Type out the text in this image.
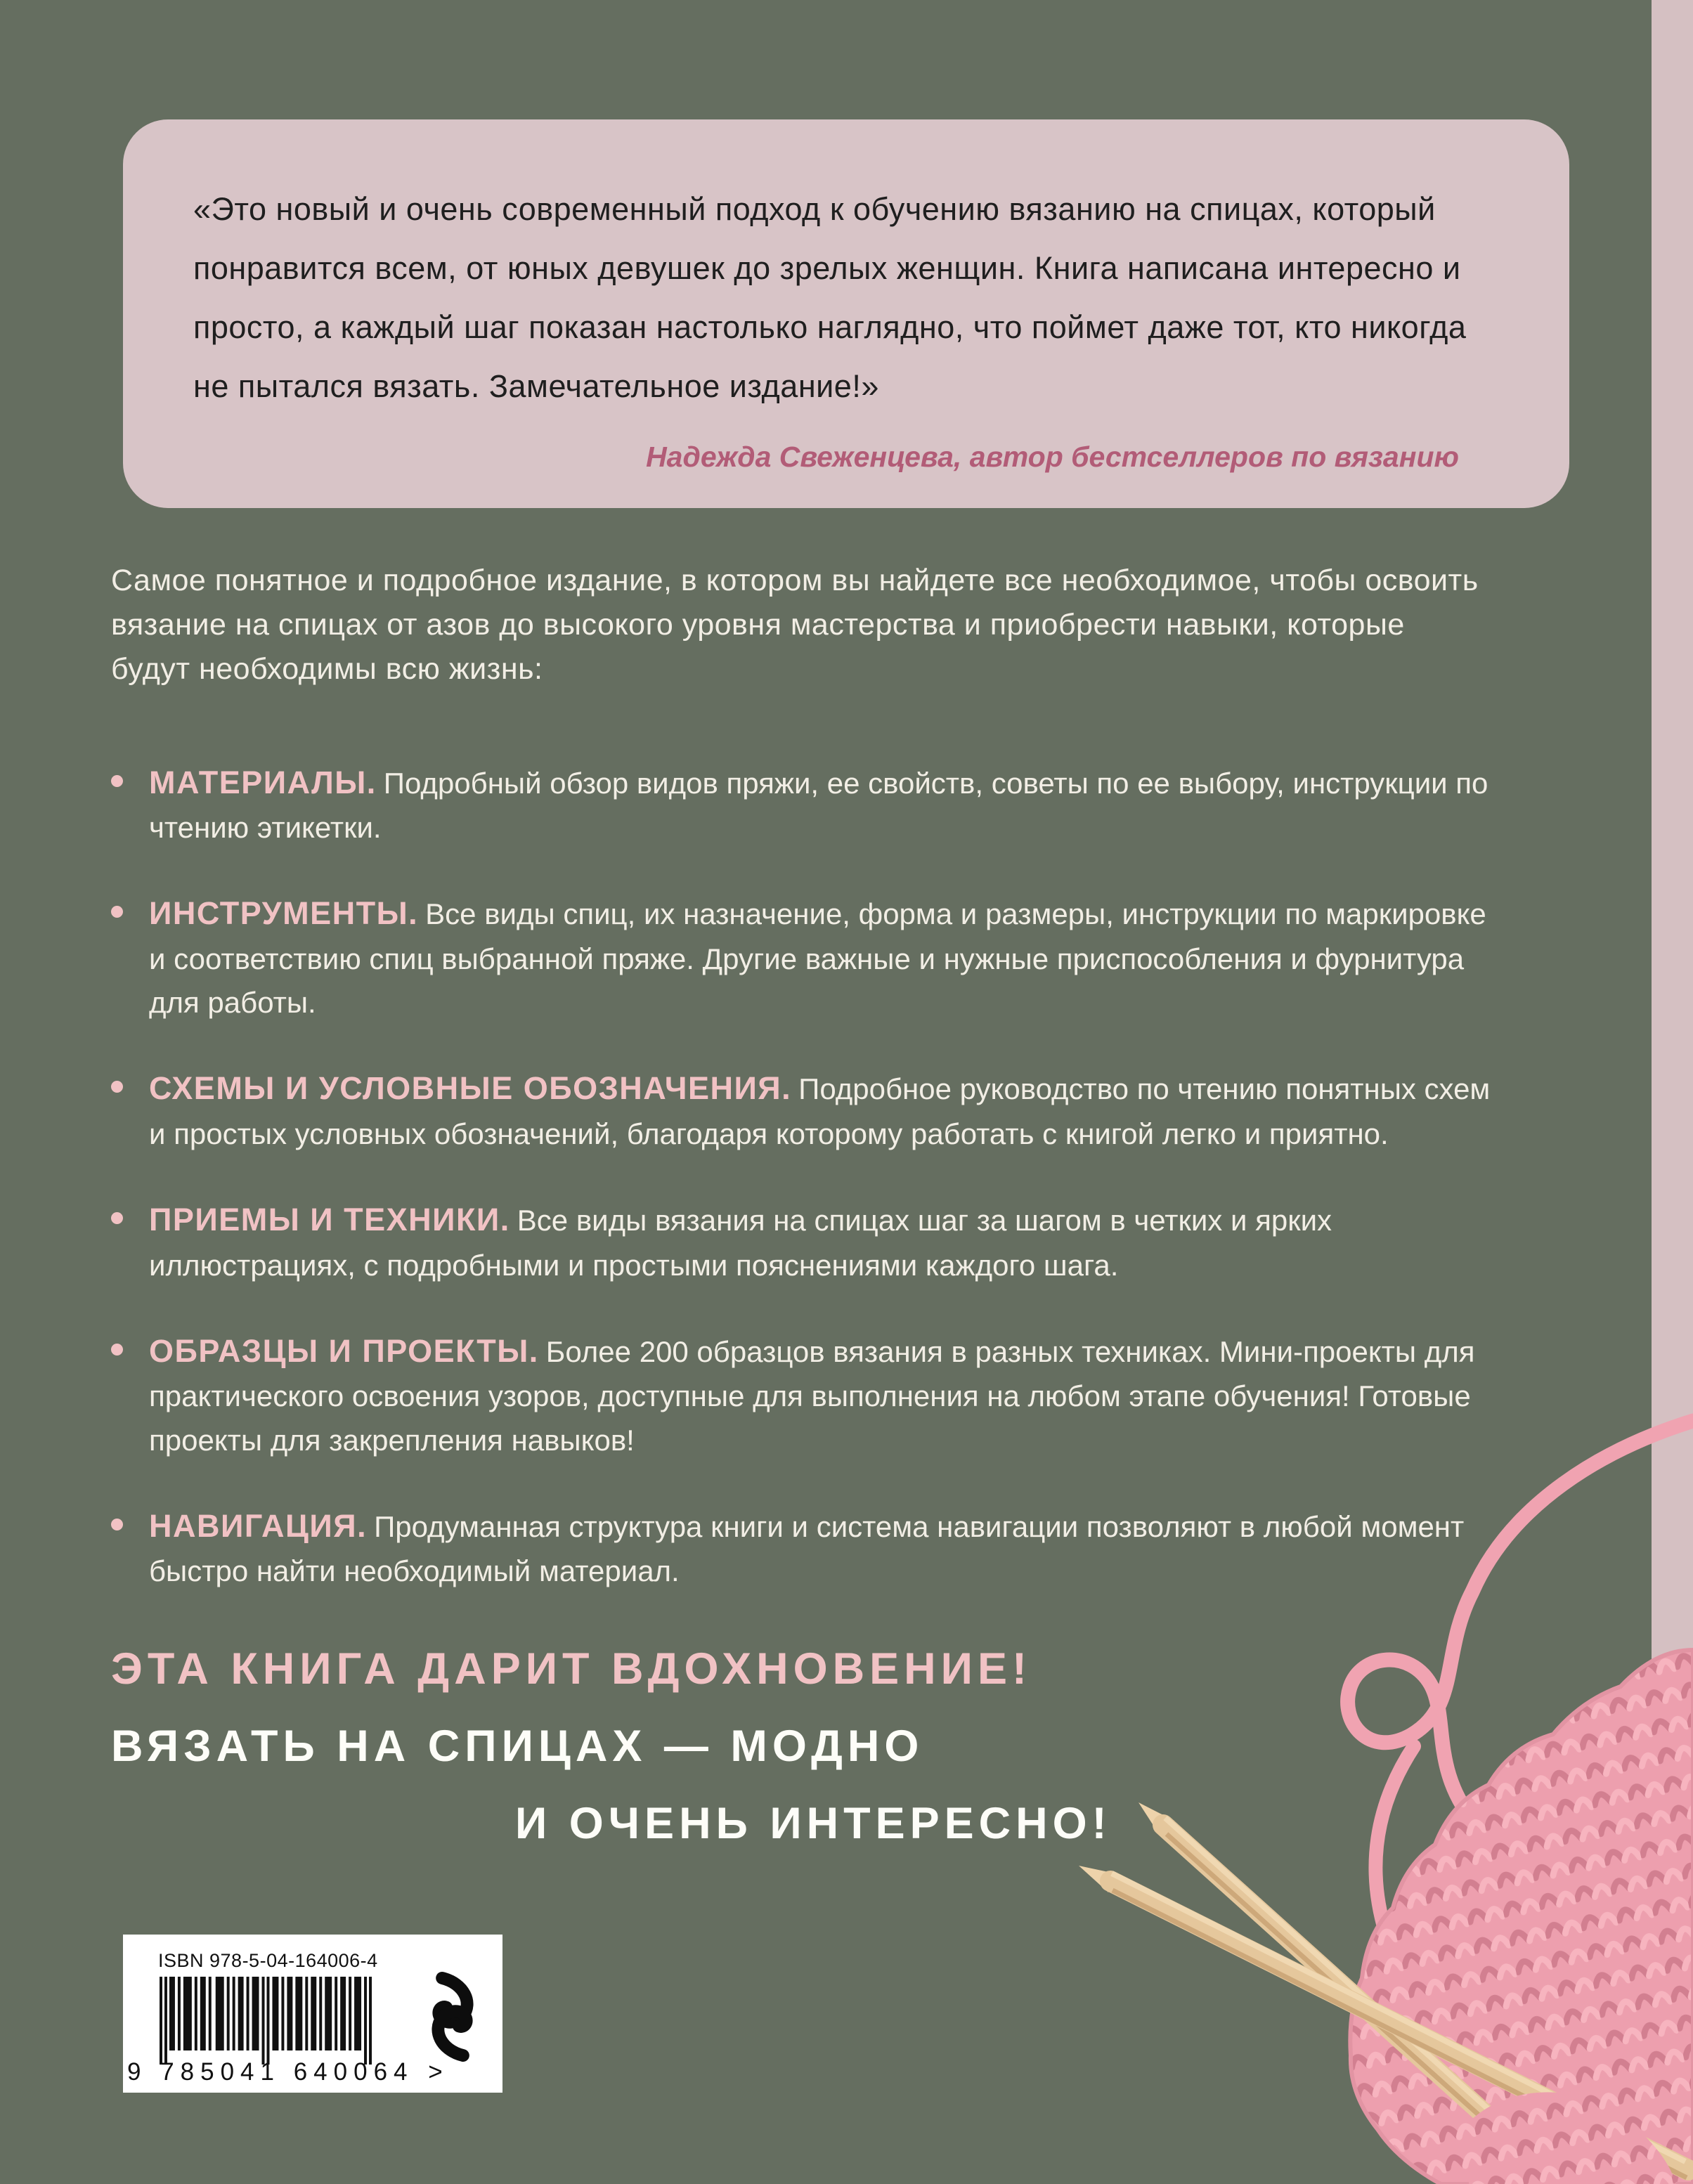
«Это новый и очень современный подход к обучению вязанию на спицах, который понравится всем, от юных девушек до зрелых женщин. Книга написана интересно и просто, а каждый шаг показан настолько наглядно, что поймет даже тот, кто никогда не пытался вязать. Замечательное издание!»
Надежда Свеженцева, автор бестселлеров по вязанию

Самое понятное и подробное издание, в котором вы найдете все необходимое, чтобы освоить вязание на спицах от азов до высокого уровня мастерства и приобрести навыки, которые будут необходимы всю жизнь:

МАТЕРИАЛЫ. Подробный обзор видов пряжи, ее свойств, советы по ее выбору, инструкции по чтению этикетки.
ИНСТРУМЕНТЫ. Все виды спиц, их назначение, форма и размеры, инструкции по маркировке и соответствию спиц выбранной пряже. Другие важные и нужные приспособления и фурнитура для работы.
СХЕМЫ И УСЛОВНЫЕ ОБОЗНАЧЕНИЯ. Подробное руководство по чтению понятных схем и простых условных обозначений, благодаря которому работать с книгой легко и приятно.
ПРИЕМЫ И ТЕХНИКИ. Все виды вязания на спицах шаг за шагом в четких и ярких иллюстрациях, с подробными и простыми пояснениями каждого шага.
ОБРАЗЦЫ И ПРОЕКТЫ. Более 200 образцов вязания в разных техниках. Мини-проекты для практического освоения узоров, доступные для выполнения на любом этапе обучения! Готовые проекты для закрепления навыков!
НАВИГАЦИЯ. Продуманная структура книги и система навигации позволяют в любой момент быстро найти необходимый материал.

ЭТА КНИГА ДАРИТ ВДОХНОВЕНИЕ!

ВЯЗАТЬ НА СПИЦАХ — МОДНО

И ОЧЕНЬ ИНТЕРЕСНО!

ISBN 978-5-04-164006-4
9 785041 640064 >
